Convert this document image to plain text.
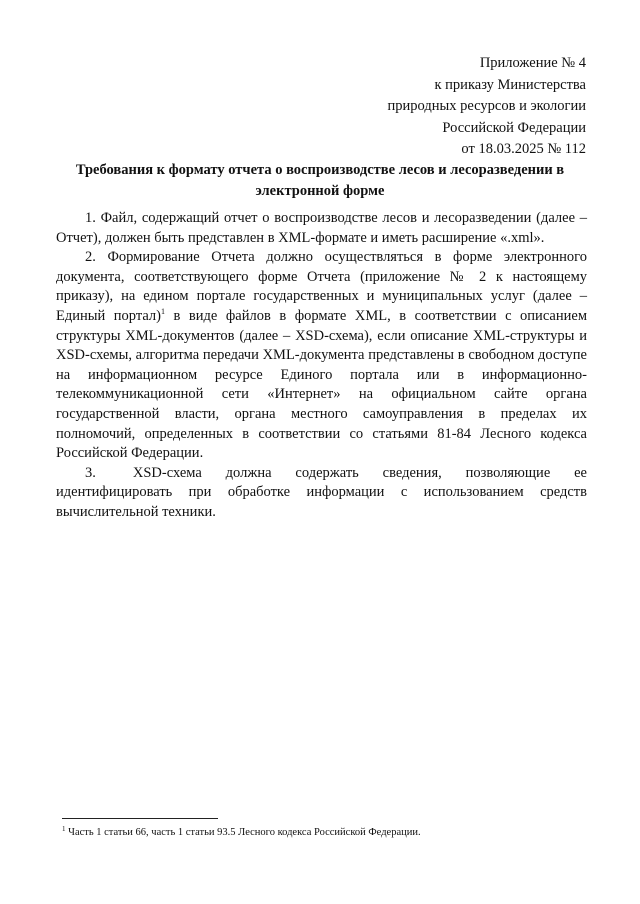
Приложение № 4
к приказу Министерства
природных ресурсов и экологии
Российской Федерации
от 18.03.2025 № 112
Требования к формату отчета о воспроизводстве лесов и лесоразведении в
электронной форме

1. Файл, содержащий отчет о воспроизводстве лесов и лесоразведении (далее – Отчет), должен быть представлен в XML-формате и иметь расширение «.xml».

2. Формирование Отчета должно осуществляться в форме электронного документа, соответствующего форме Отчета (приложение № 2 к настоящему приказу), на едином портале государственных и муниципальных услуг (далее – Единый портал)$^1$ в виде файлов в формате XML, в соответствии с описанием структуры XML-документов (далее – XSD-схема), если описание XML-структуры и XSD-схемы, алгоритма передачи XML-документа представлены в свободном доступе на информационном ресурсе Единого портала или в информационно-телекоммуникационной сети «Интернет» на официальном сайте органа государственной власти, органа местного самоуправления в пределах их полномочий, определенных в соответствии со статьями 81-84 Лесного кодекса Российской Федерации.

3.	XSD-схема должна содержать сведения, позволяющие ее идентифицировать при обработке информации с использованием средств вычислительной техники.

$^1$ Часть 1 статьи 66, часть 1 статьи 93.5 Лесного кодекса Российской Федерации.
